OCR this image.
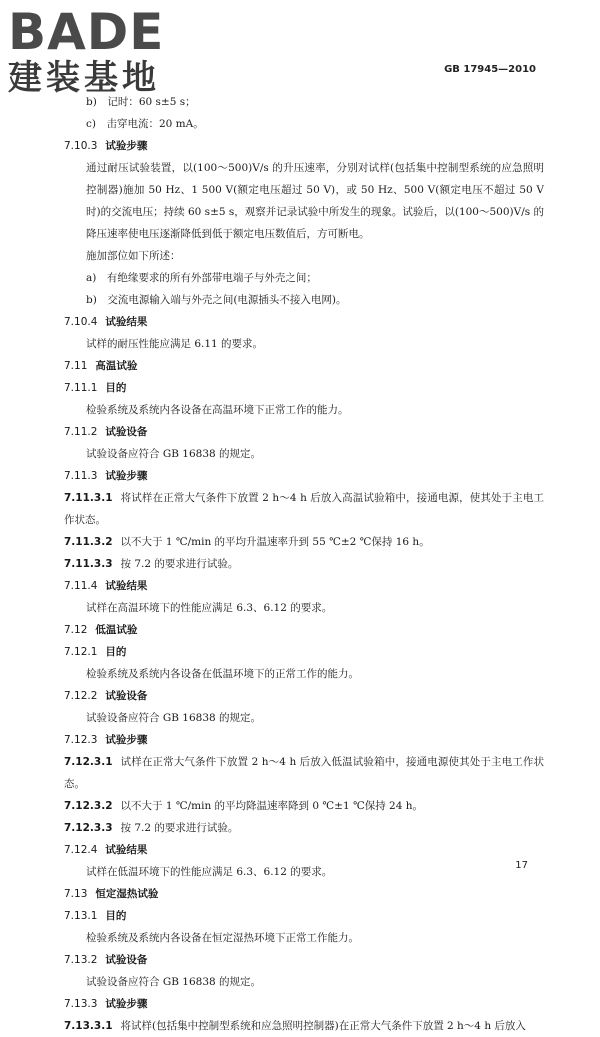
BADE
建装基地	GB 17945—2010
b)　记时：60 s±5 s；
c)　击穿电流：20 mA。
7.10.3 试验步骤
通过耐压试验装置，以(100～500)V/s 的升压速率，分别对试样(包括集中控制型系统的应急照明控制器)施加 50 Hz、1 500 V(额定电压超过 50 V)，或 50 Hz、500 V(额定电压不超过 50 V 时)的交流电压；持续 60 s±5 s，观察并记录试验中所发生的现象。试验后，以(100～500)V/s 的降压速率使电压逐渐降低到低于额定电压数值后，方可断电。
施加部位如下所述：
a)　有绝缘要求的所有外部带电端子与外壳之间；
b)　交流电源输入端与外壳之间(电源插头不接入电网)。
7.10.4 试验结果
试样的耐压性能应满足 6.11 的要求。
7.11 高温试验
7.11.1 目的
检验系统及系统内各设备在高温环境下正常工作的能力。
7.11.2 试验设备
试验设备应符合 GB 16838 的规定。
7.11.3 试验步骤
7.11.3.1 将试样在正常大气条件下放置 2 h～4 h 后放入高温试验箱中，接通电源，使其处于主电工作状态。
7.11.3.2 以不大于 1 ℃/min 的平均升温速率升到 55 ℃±2 ℃保持 16 h。
7.11.3.3 按 7.2 的要求进行试验。
7.11.4 试验结果
试样在高温环境下的性能应满足 6.3、6.12 的要求。
7.12 低温试验
7.12.1 目的
检验系统及系统内各设备在低温环境下的正常工作的能力。
7.12.2 试验设备
试验设备应符合 GB 16838 的规定。
7.12.3 试验步骤
7.12.3.1 试样在正常大气条件下放置 2 h～4 h 后放入低温试验箱中，接通电源使其处于主电工作状态。
7.12.3.2 以不大于 1 ℃/min 的平均降温速率降到 0 ℃±1 ℃保持 24 h。
7.12.3.3 按 7.2 的要求进行试验。
7.12.4 试验结果
试样在低温环境下的性能应满足 6.3、6.12 的要求。
7.13 恒定湿热试验
7.13.1 目的
检验系统及系统内各设备在恒定湿热环境下正常工作能力。
7.13.2 试验设备
试验设备应符合 GB 16838 的规定。
7.13.3 试验步骤
7.13.3.1 将试样(包括集中控制型系统和应急照明控制器)在正常大气条件下放置 2 h～4 h 后放入
17
